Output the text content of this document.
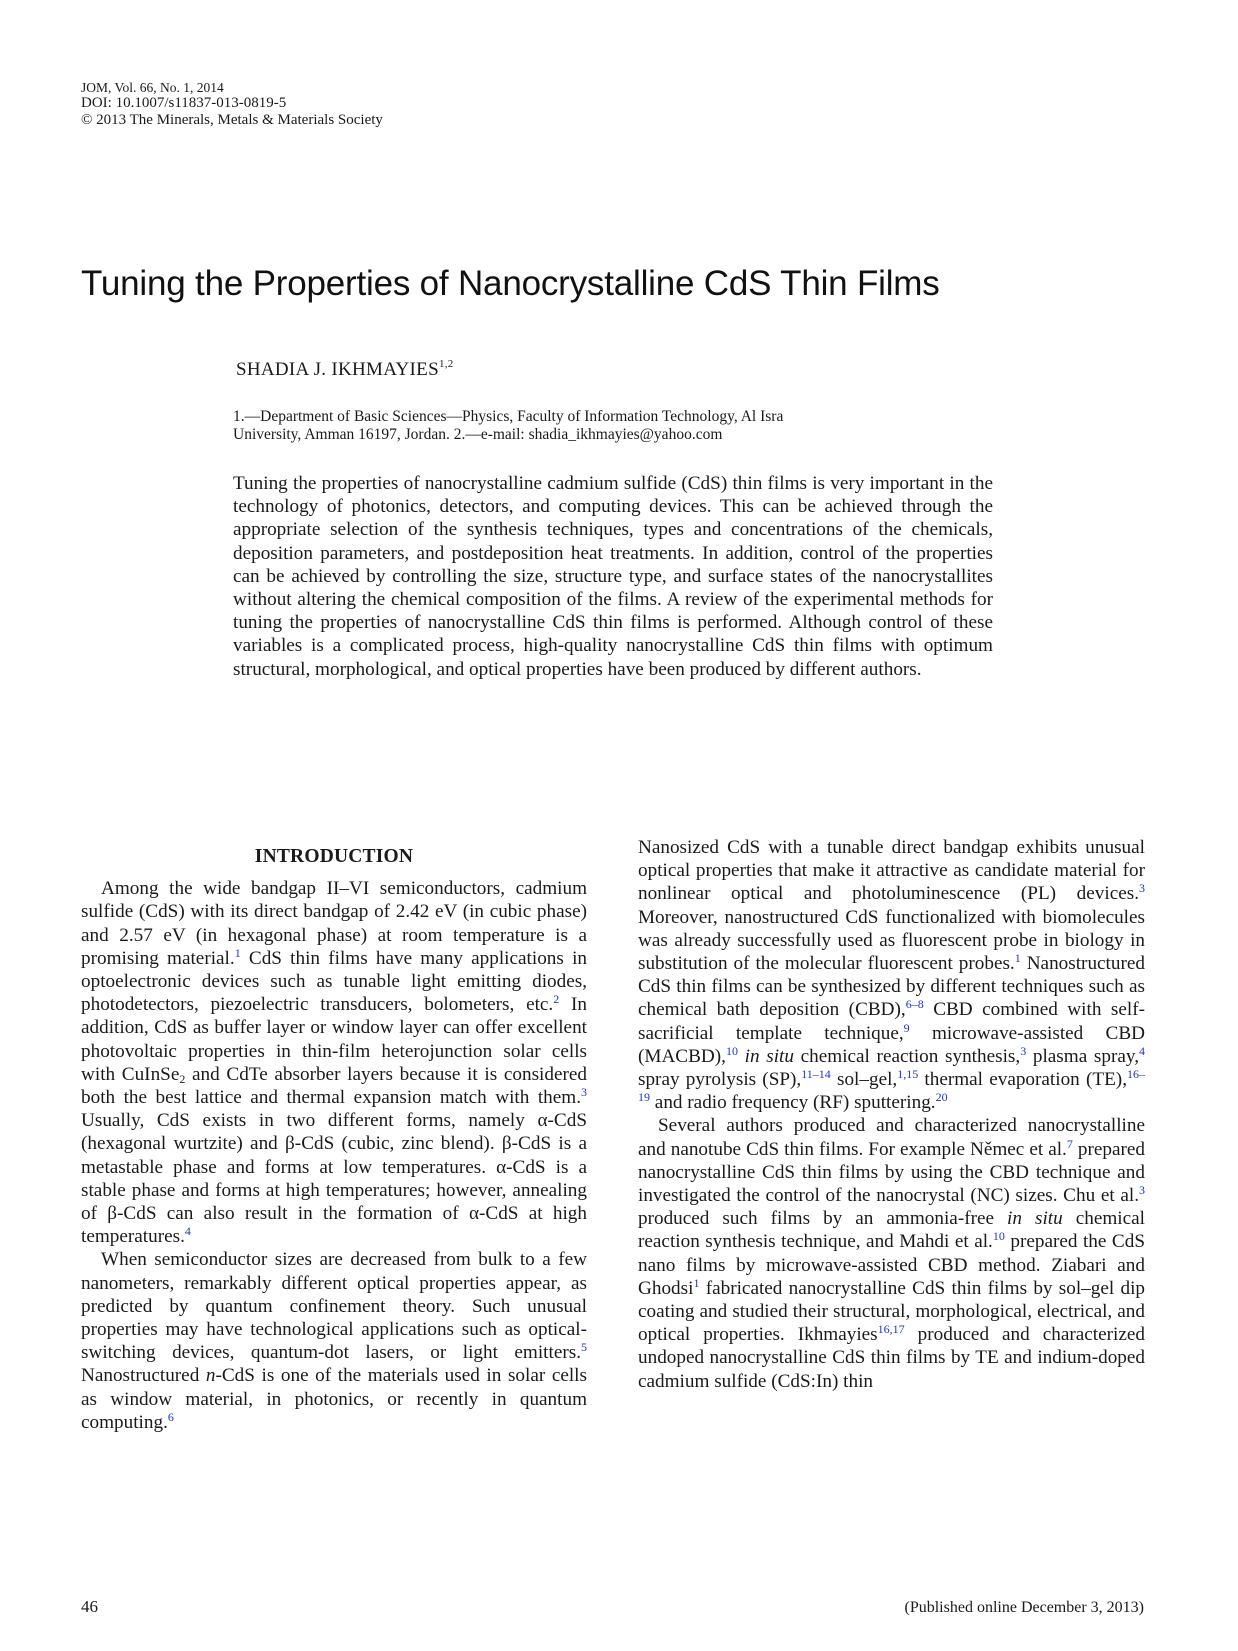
JOM, Vol. 66, No. 1, 2014
DOI: 10.1007/s11837-013-0819-5
© 2013 The Minerals, Metals & Materials Society
Tuning the Properties of Nanocrystalline CdS Thin Films
SHADIA J. IKHMAYIES$^{1,2}$
1.—Department of Basic Sciences—Physics, Faculty of Information Technology, Al Isra
University, Amman 16197, Jordan. 2.—e-mail: shadia_ikhmayies@yahoo.com

Tuning the properties of nanocrystalline cadmium sulfide (CdS) thin films is very important in the technology of photonics, detectors, and computing devices. This can be achieved through the appropriate selection of the synthesis techniques, types and concentrations of the chemicals, deposition parameters, and postdeposition heat treatments. In addition, control of the properties can be achieved by controlling the size, structure type, and surface states of the nanocrystallites without altering the chemical composition of the films. A review of the experimental methods for tuning the properties of nanocrystalline CdS thin films is performed. Although control of these variables is a complicated process, high-quality nanocrystalline CdS thin films with optimum structural, morphological, and optical properties have been produced by different authors.

INTRODUCTION

Among the wide bandgap II–VI semiconductors, cadmium sulfide (CdS) with its direct bandgap of 2.42 eV (in cubic phase) and 2.57 eV (in hexagonal phase) at room temperature is a promising material.$^1$ CdS thin films have many applications in optoelectronic devices such as tunable light emitting diodes, photodetectors, piezoelectric transducers, bolometers, etc.$^2$ In addition, CdS as buffer layer or window layer can offer excellent photovoltaic properties in thin-film heterojunction solar cells with CuInSe$_2$ and CdTe absorber layers because it is considered both the best lattice and thermal expansion match with them.$^3$ Usually, CdS exists in two different forms, namely α-CdS (hexagonal wurtzite) and β-CdS (cubic, zinc blend). β-CdS is a metastable phase and forms at low temperatures. α-CdS is a stable phase and forms at high temperatures; however, annealing of β-CdS can also result in the formation of α-CdS at high temperatures.$^4$

When semiconductor sizes are decreased from bulk to a few nanometers, remarkably different optical properties appear, as predicted by quantum confinement theory. Such unusual properties may have technological applications such as optical-switching devices, quantum-dot lasers, or light emitters.$^5$ Nanostructured n-CdS is one of the materials used in solar cells as window material, in photonics, or recently in quantum computing.$^6$

Nanosized CdS with a tunable direct bandgap exhibits unusual optical properties that make it attractive as candidate material for nonlinear optical and photoluminescence (PL) devices.$^3$ Moreover, nanostructured CdS functionalized with biomolecules was already successfully used as fluorescent probe in biology in substitution of the molecular fluorescent probes.$^1$ Nanostructured CdS thin films can be synthesized by different techniques such as chemical bath deposition (CBD),$^{6-8}$ CBD combined with self-sacrificial template technique,$^9$ microwave-assisted CBD (MACBD),$^{10}$ in situ chemical reaction synthesis,$^3$ plasma spray,$^4$ spray pyrolysis (SP),$^{11-14}$ sol–gel,$^{1,15}$ thermal evaporation (TE),$^{16-19}$ and radio frequency (RF) sputtering.$^{20}$

Several authors produced and characterized nanocrystalline and nanotube CdS thin films. For example Němec et al.$^7$ prepared nanocrystalline CdS thin films by using the CBD technique and investigated the control of the nanocrystal (NC) sizes. Chu et al.$^3$ produced such films by an ammonia-free in situ chemical reaction synthesis technique, and Mahdi et al.$^{10}$ prepared the CdS nano films by microwave-assisted CBD method. Ziabari and Ghodsi$^1$ fabricated nanocrystalline CdS thin films by sol–gel dip coating and studied their structural, morphological, electrical, and optical properties. Ikhmayies$^{16,17}$ produced and characterized undoped nanocrystalline CdS thin films by TE and indium-doped cadmium sulfide (CdS:In) thin

46	(Published online December 3, 2013)
